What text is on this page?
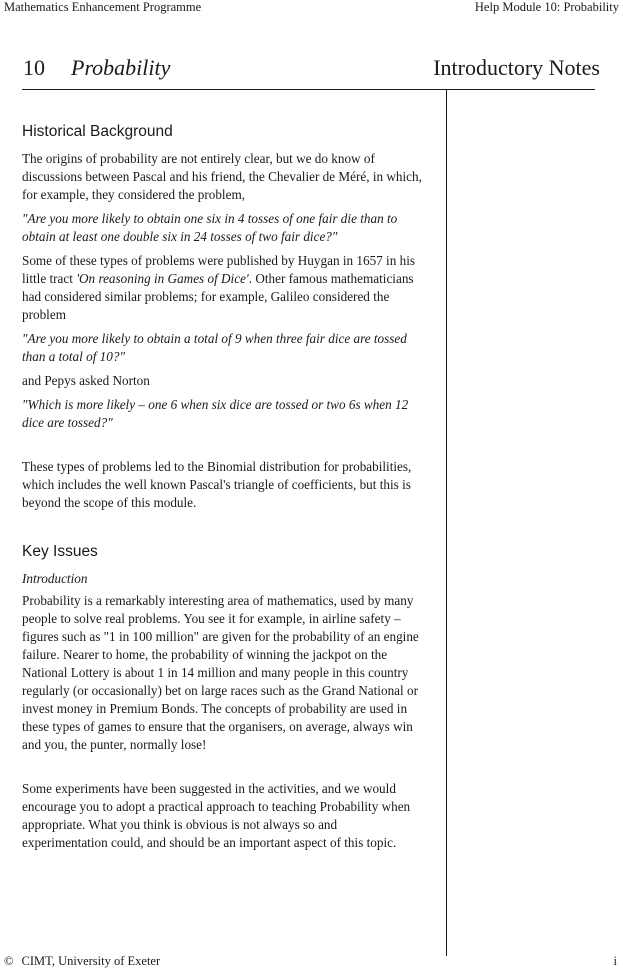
Mathematics Enhancement Programme	Help Module 10: Probability
10 Probability	Introductory Notes
Historical Background

The origins of probability are not entirely clear, but we do know of discussions between Pascal and his friend, the Chevalier de Méré, in which, for example, they considered the problem,

"Are you more likely to obtain one six in 4 tosses of one fair die than to obtain at least one double six in 24 tosses of two fair dice?"

Some of these types of problems were published by Huygan in 1657 in his little tract 'On reasoning in Games of Dice'. Other famous mathematicians had considered similar problems; for example, Galileo considered the problem

"Are you more likely to obtain a total of 9 when three fair dice are tossed than a total of 10?"

and Pepys asked Norton

"Which is more likely – one 6 when six dice are tossed or two 6s when 12 dice are tossed?"

These types of problems led to the Binomial distribution for probabilities, which includes the well known Pascal's triangle of coefficients, but this is beyond the scope of this module.

Key Issues
Introduction

Probability is a remarkably interesting area of mathematics, used by many people to solve real problems. You see it for example, in airline safety – figures such as "1 in 100 million" are given for the probability of an engine failure. Nearer to home, the probability of winning the jackpot on the National Lottery is about 1 in 14 million and many people in this country regularly (or occasionally) bet on large races such as the Grand National or invest money in Premium Bonds. The concepts of probability are used in these types of games to ensure that the organisers, on average, always win and you, the punter, normally lose!

Some experiments have been suggested in the activities, and we would encourage you to adopt a practical approach to teaching Probability when appropriate. What you think is obvious is not always so and experimentation could, and should be an important aspect of this topic.

© CIMT, University of Exeter	i
